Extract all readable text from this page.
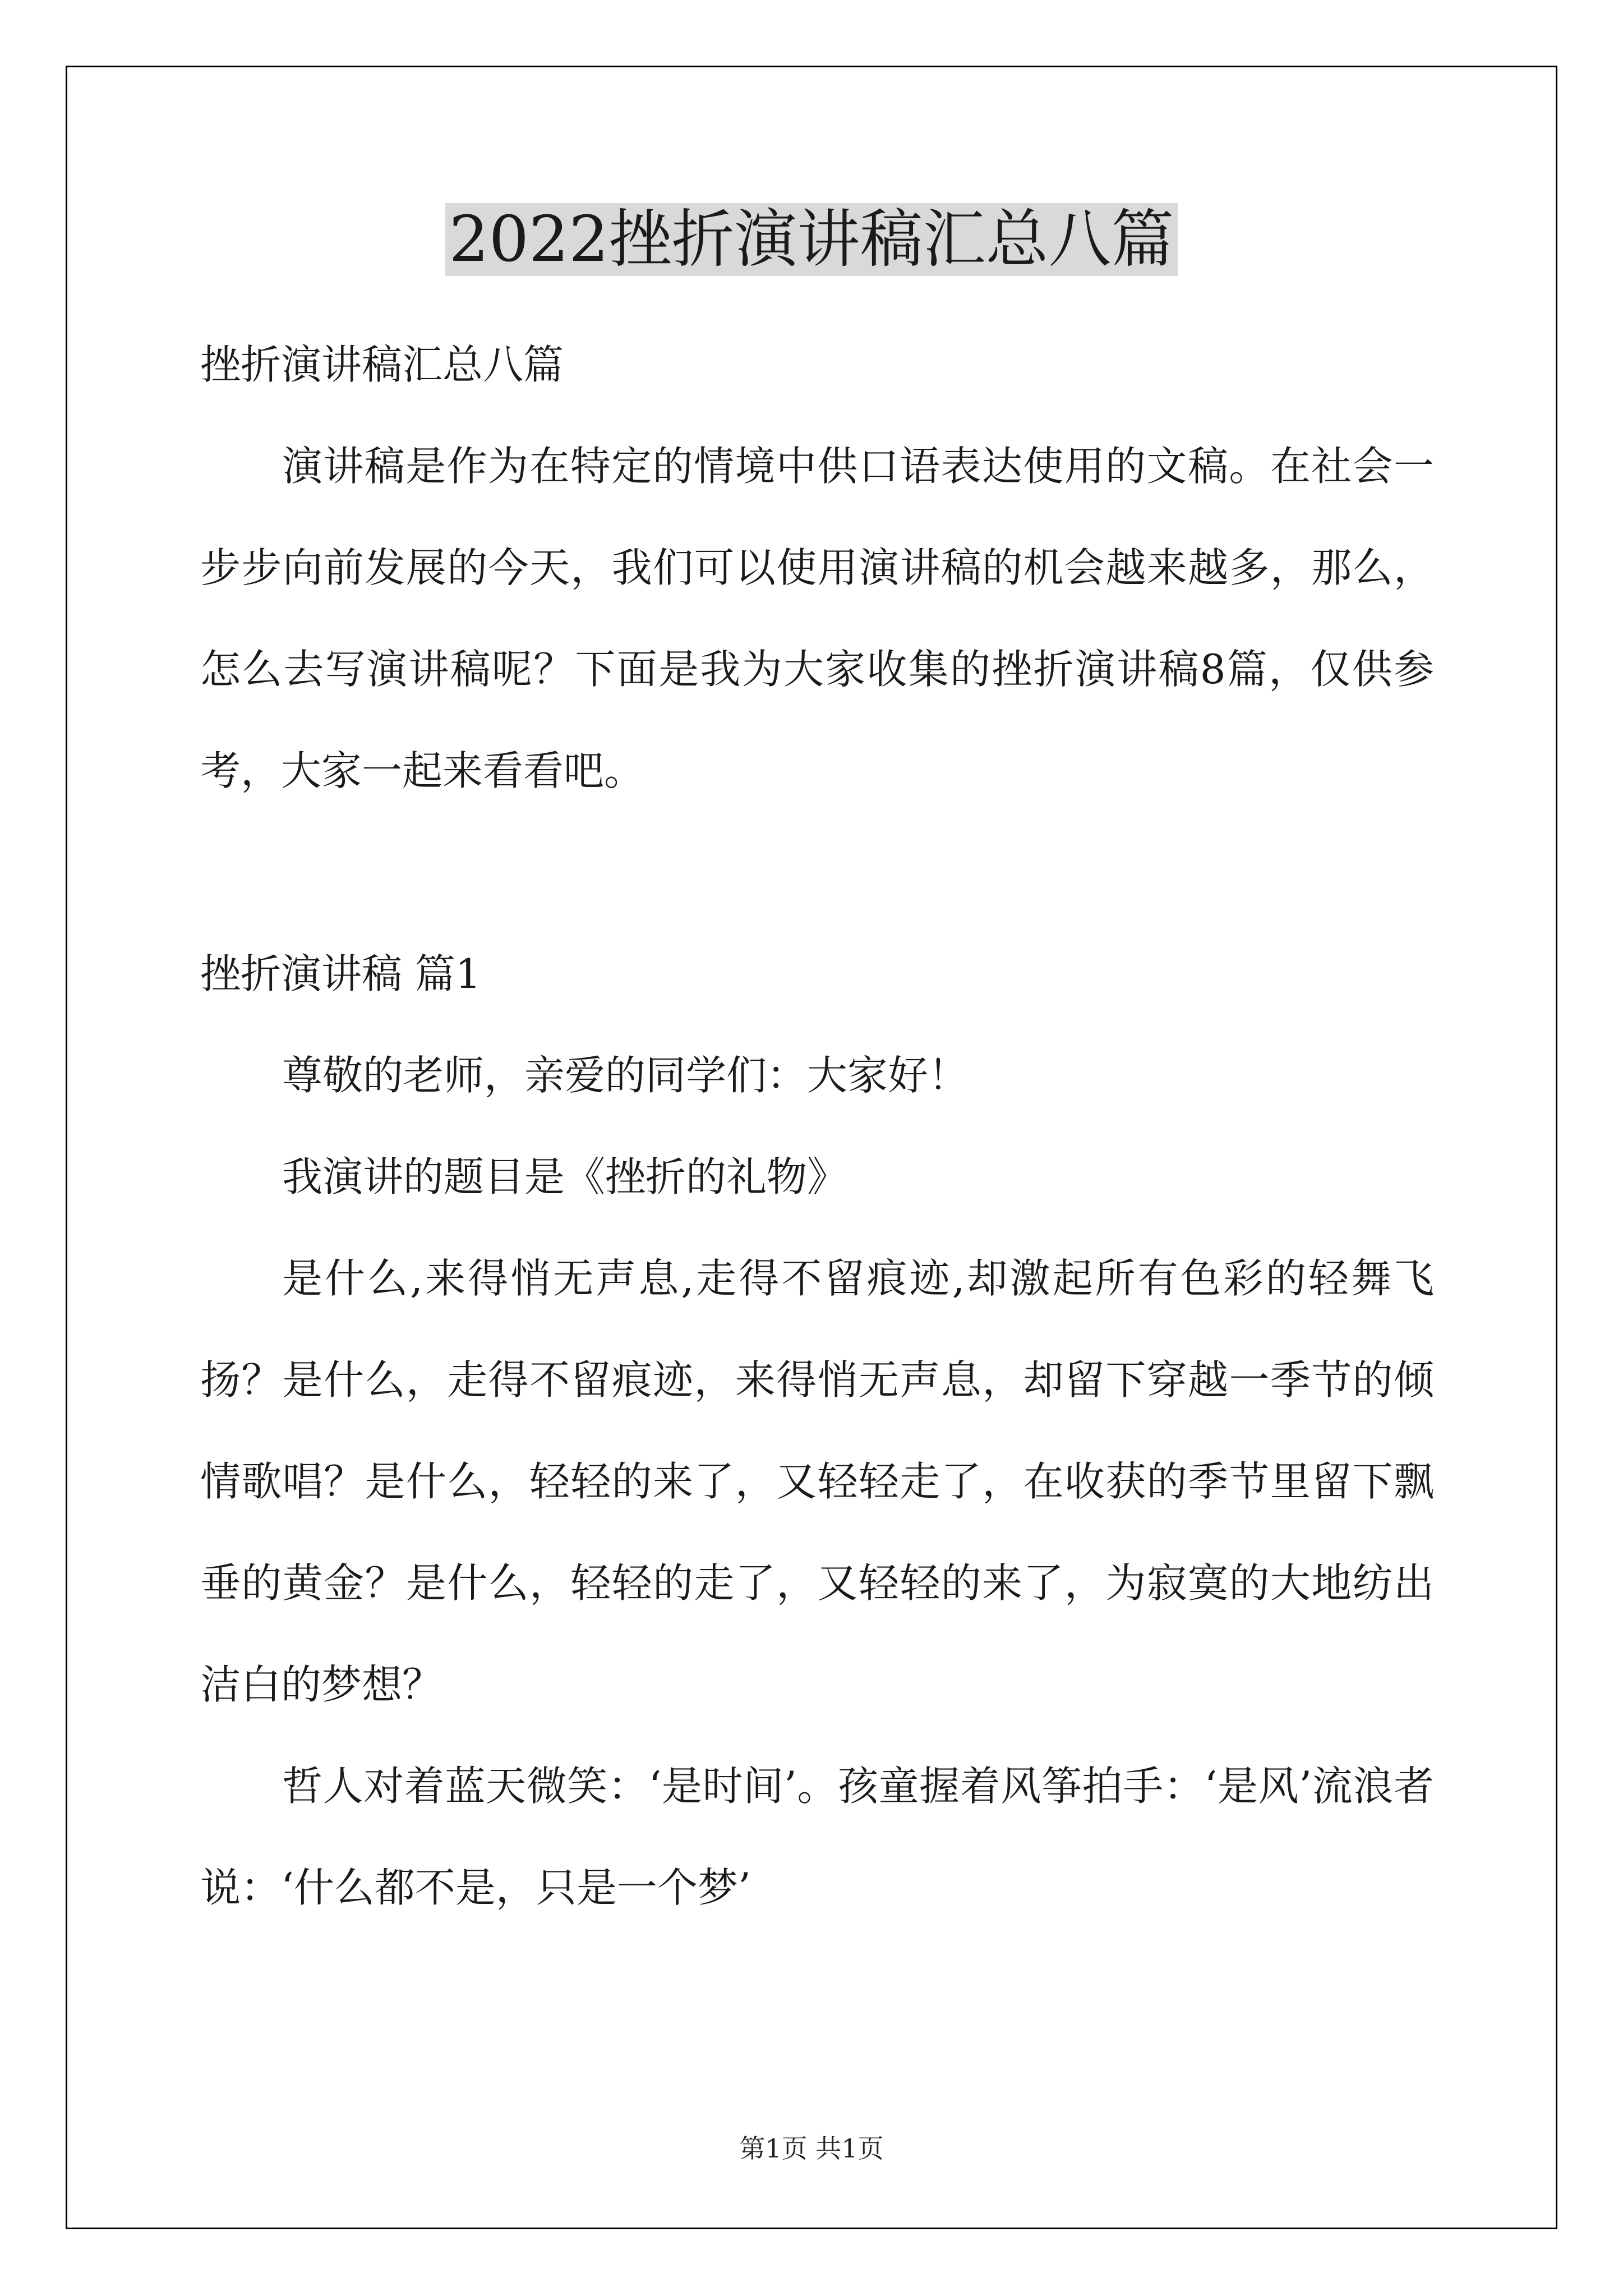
2022挫折演讲稿汇总八篇

挫折演讲稿汇总八篇

演讲稿是作为在特定的情境中供口语表达使用的文稿。在社会一步步向前发展的今天，我们可以使用演讲稿的机会越来越多，那么，怎么去写演讲稿呢？下面是我为大家收集的挫折演讲稿8篇，仅供参考，大家一起来看看吧。

挫折演讲稿 篇1

尊敬的老师，亲爱的同学们：大家好！

我演讲的题目是《挫折的礼物》

是什么,来得悄无声息,走得不留痕迹,却激起所有色彩的轻舞飞扬？是什么，走得不留痕迹，来得悄无声息，却留下穿越一季节的倾情歌唱？是什么，轻轻的来了，又轻轻走了，在收获的季节里留下飘垂的黄金？是什么，轻轻的走了，又轻轻的来了，为寂寞的大地纺出洁白的梦想？

哲人对着蓝天微笑：‘是时间’。孩童握着风筝拍手：‘是风’流浪者说：‘什么都不是，只是一个梦’

第1页 共1页
